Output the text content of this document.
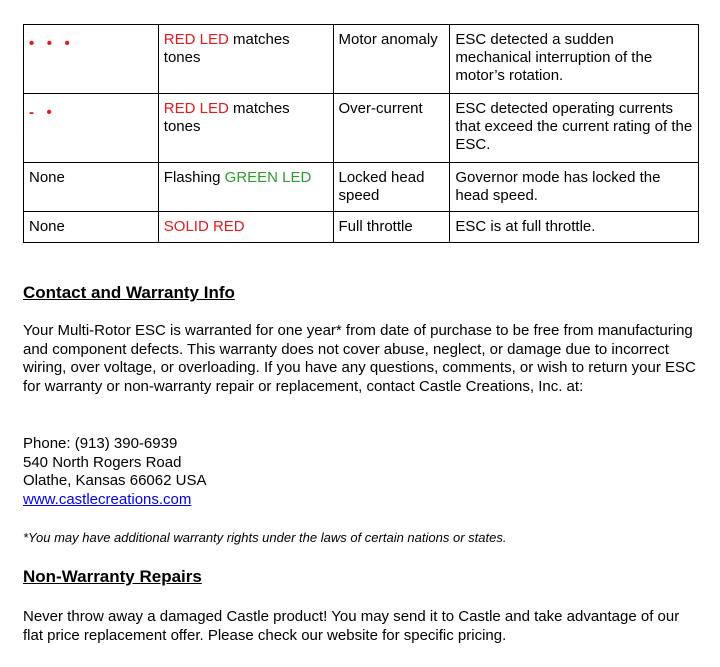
•   •   •	RED LED matches tones	Motor anomaly	ESC detected a sudden mechanical interruption of the motor’s rotation.
-   •	RED LED matches tones	Over-current	ESC detected operating currents that exceed the current rating of the ESC.
None	Flashing GREEN LED	Locked head speed	Governor mode has locked the head speed.
None	SOLID RED	Full throttle	ESC is at full throttle.
Contact and Warranty Info

Your Multi-Rotor ESC is warranted for one year* from date of purchase to be free from manufacturing and component defects. This warranty does not cover abuse, neglect, or damage due to incorrect wiring, over voltage, or overloading. If you have any questions, comments, or wish to return your ESC for warranty or non-warranty repair or replacement, contact Castle Creations, Inc. at:

Phone: (913) 390-6939
540 North Rogers Road
Olathe, Kansas 66062 USA
www.castlecreations.com

*You may have additional warranty rights under the laws of certain nations or states.

Non-Warranty Repairs

Never throw away a damaged Castle product! You may send it to Castle and take advantage of our flat price replacement offer. Please check our website for specific pricing.
